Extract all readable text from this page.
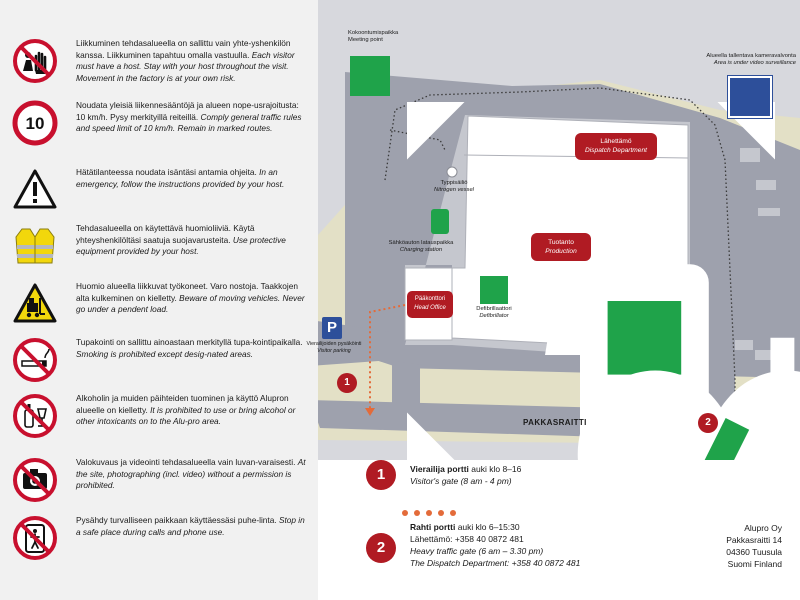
Liikkuminen tehdasalueella on sallittu vain yhte-yshenkilön kanssa. Liikkuminen tapahtuu omalla vastuulla. Each visitor must have a host. Stay with your host throughout the visit. Movement in the factory is at your own risk.
10
Noudata yleisiä liikennesääntöjä ja alueen nope-usrajoitusta: 10 km/h. Pysy merkityillä reiteillä. Comply general traffic rules and speed limit of 10 km/h. Remain in marked routes.
Hätätilanteessa noudata isäntäsi antamia ohjeita. In an emergency, follow the instructions provided by your host.
Tehdasalueella on käytettävä huomioliiviä. Käytä yhteyshenkilöltäsi saatuja suojavarusteita. Use protective equipment provided by your host.
Huomio alueella liikkuvat työkoneet. Varo nostoja. Taakkojen alta kulkeminen on kielletty. Beware of moving vehicles. Never go under a pendent load.
Tupakointi on sallittu ainoastaan merkityllä tupa-kointipaikalla. Smoking is prohibited except desig-nated areas.
Alkoholin ja muiden päihteiden tuominen ja käyttö Alupron alueelle on kielletty. It is prohibited to use or bring alcohol or other intoxicants on to the Alu-pro area.
Valokuvaus ja videointi tehdasalueella vain luvan-varaisesti. At the site, photographing (incl. video) without a permission is prohibited.
Pysähdy turvalliseen paikkaan käyttäessäsi puhe-linta. Stop in a safe place during calls and phone use.
Kokoontumispaikka
Meeting point
Alueella tallentava kameravalvonta
Area is under video surveillance
Lähettämö
Dispatch Department
Tuotanto
Production
Pääkonttori
Head Office
Typpisäiliö
Nitrogen vessel
Sähköauton latauspaikka
Charging station
Defibrillaattori
Defibrillator
P
Vierailijoiden pysäköinti
Visitor parking
PAKKASRAITTI
1
2
1	Vierailija portti auki klo 8–16
Visitor's gate (8 am - 4 pm)
2
Rahti portti auki klo 6–15:30
Lähettämö: +358 40 0872 481
Heavy traffic gate (6 am – 3.30 pm)
The Dispatch Department: +358 40 0872 481
Alupro Oy
Pakkasraitti 14
04360 Tuusula
Suomi Finland
